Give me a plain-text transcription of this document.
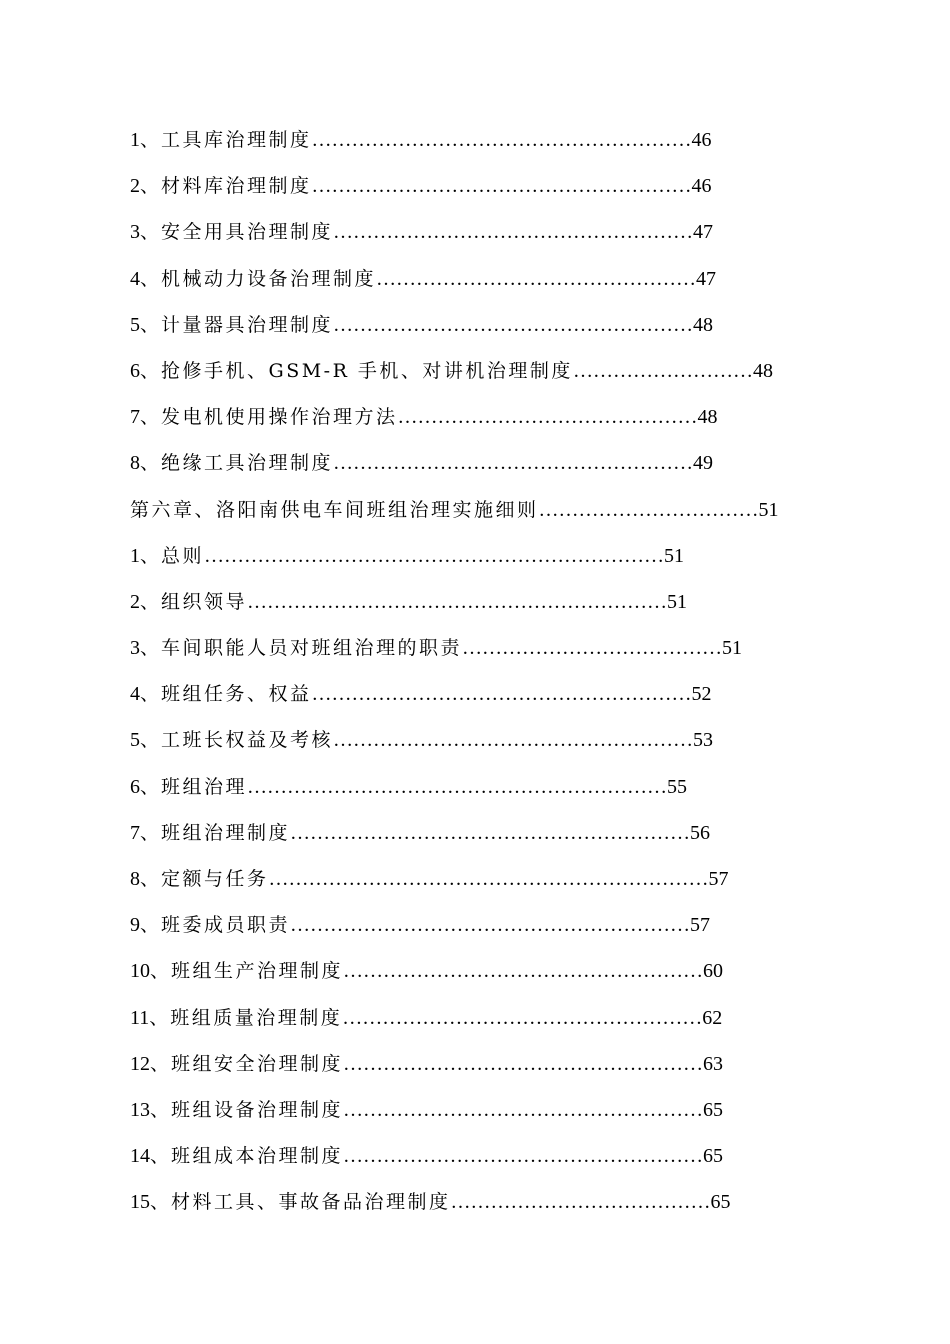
1、工具库治理制度…………………………………………………46
2、材料库治理制度…………………………………………………46
3、安全用具治理制度………………………………………………47
4、机械动力设备治理制度…………………………………………47
5、计量器具治理制度………………………………………………48
6、抢修手机、GSM-R 手机、对讲机治理制度………………………48
7、发电机使用操作治理方法………………………………………48
8、绝缘工具治理制度………………………………………………49
第六章、洛阳南供电车间班组治理实施细则……………………………51
1、总则……………………………………………………………51
2、组织领导………………………………………………………51
3、车间职能人员对班组治理的职责…………………………………51
4、班组任务、权益…………………………………………………52
5、工班长权益及考核………………………………………………53
6、班组治理………………………………………………………55
7、班组治理制度……………………………………………………56
8、定额与任务…………………………………………………………57
9、班委成员职责……………………………………………………57
10、班组生产治理制度………………………………………………60
11、班组质量治理制度………………………………………………62
12、班组安全治理制度………………………………………………63
13、班组设备治理制度………………………………………………65
14、班组成本治理制度………………………………………………65
15、材料工具、事故备品治理制度…………………………………65
